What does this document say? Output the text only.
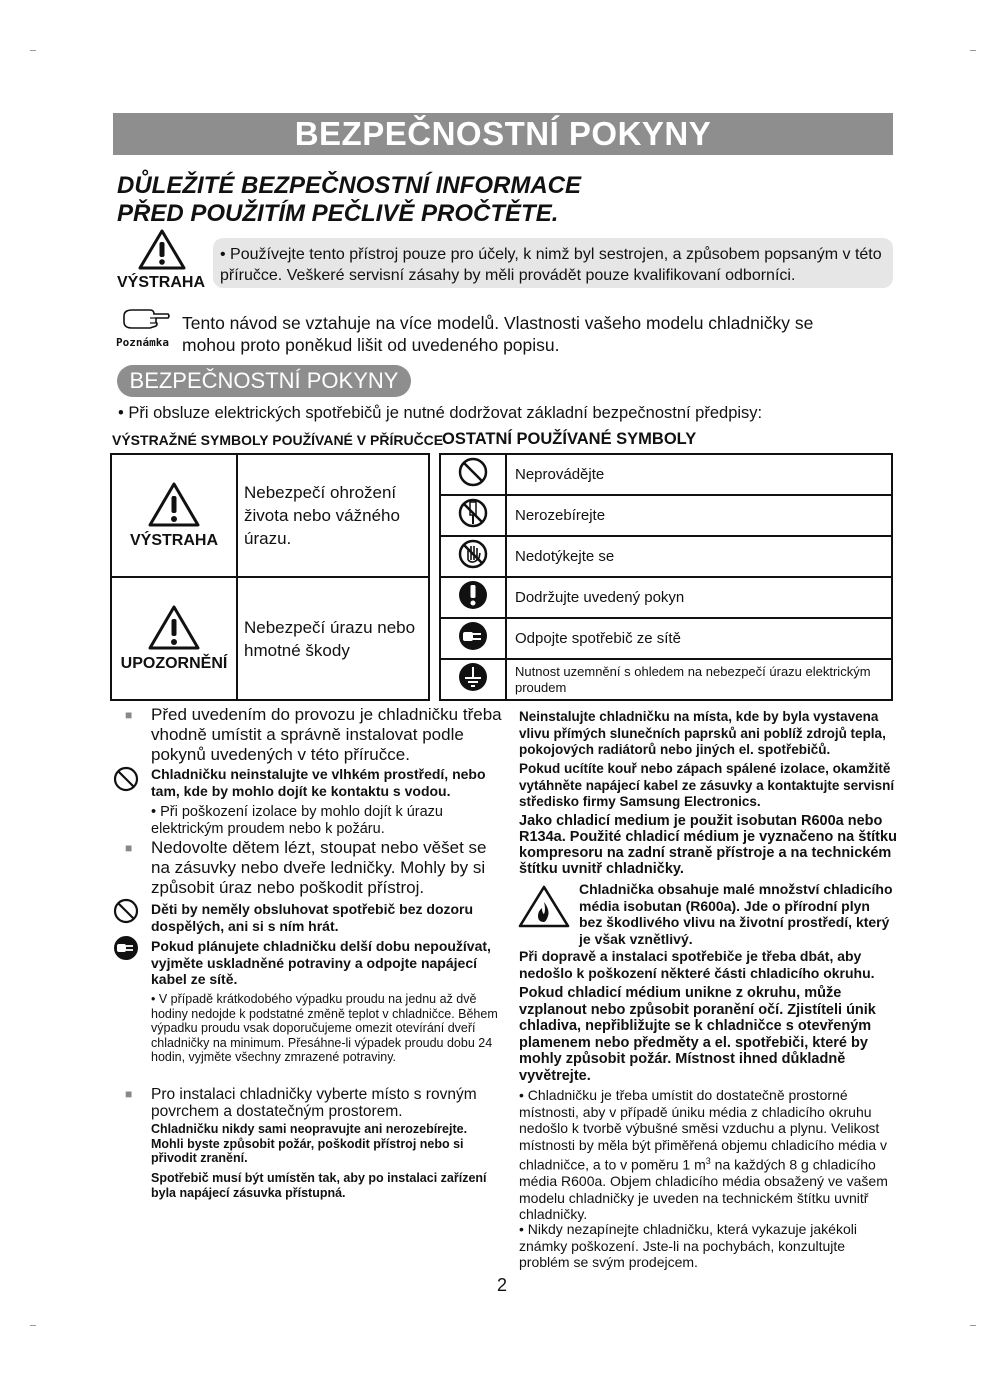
BEZPEČNOSTNÍ POKYNY
DŮLEŽITÉ BEZPEČNOSTNÍ INFORMACE
PŘED POUŽITÍM PEČLIVĚ PROČTĚTE.
VÝSTRAHA
• Používejte tento přístroj pouze pro účely, k nimž byl sestrojen, a způsobem popsaným v této příručce. Veškeré servisní zásahy by měli provádět pouze kvalifikovaní odborníci.
Poznámka
Tento návod se vztahuje na více modelů. Vlastnosti vašeho modelu chladničky se
mohou proto poněkud lišit od uvedeného popisu.
BEZPEČNOSTNÍ POKYNY
• Při obsluze elektrických spotřebičů je nutné dodržovat základní bezpečnostní předpisy:
VÝSTRAŽNÉ SYMBOLY POUŽÍVANÉ V PŘÍRUČCE
OSTATNÍ POUŽÍVANÉ SYMBOLY
VÝSTRAHA	Nebezpečí ohrožení života nebo vážného úrazu.

UPOZORNĚNÍ	Nebezpečí úrazu nebo hmotné škody
	Neprovádějte
	Nerozebírejte
	Nedotýkejte se
	Dodržujte uvedený pokyn
	Odpojte spotřebič ze sítě
	Nutnost uzemnění s ohledem na nebezpečí úrazu elektrickým proudem
■ Před uvedením do provozu je chladničku třeba vhodně umístit a správně instalovat podle pokynů uvedených v této příručce.
Chladničku neinstalujte ve vlhkém prostředí, nebo tam, kde by mohlo dojít ke kontaktu s vodou.
• Při poškození izolace by mohlo dojít k úrazu elektrickým proudem nebo k požáru.
■ Nedovolte dětem lézt, stoupat nebo věšet se na zásuvky nebo dveře ledničky. Mohly by si způsobit úraz nebo poškodit přístroj.
Děti by neměly obsluhovat spotřebič bez dozoru dospělých, ani si s ním hrát.
Pokud plánujete chladničku delší dobu nepoužívat, vyjměte uskladněné potraviny a odpojte napájecí kabel ze sítě.
• V případě krátkodobého výpadku proudu na jednu až dvě hodiny nedojde k podstatné změně teplot v chladničce. Během výpadku proudu vsak doporučujeme omezit otevírání dveří chladničky na minimum. Přesáhne-li výpadek proudu dobu 24 hodin, vyjměte všechny zmrazené potraviny.
■ Pro instalaci chladničky vyberte místo s rovným povrchem a dostatečným prostorem.
Chladničku nikdy sami neopravujte ani nerozebírejte. Mohli byste způsobit požár, poškodit přístroj nebo si přivodit zranění.
Spotřebič musí být umístěn tak, aby po instalaci zařízení byla napájecí zásuvka přístupná.
Neinstalujte chladničku na místa, kde by byla vystavena vlivu přímých slunečních paprsků ani poblíž zdrojů tepla, pokojových radiátorů nebo jiných el. spotřebičů.
Pokud ucítíte kouř nebo zápach spálené izolace, okamžitě vytáhněte napájecí kabel ze zásuvky a kontaktujte servisní středisko firmy Samsung Electronics.
Jako chladicí medium je použit isobutan R600a nebo R134a. Použité chladicí médium je vyznačeno na štítku kompresoru na zadní straně přístroje a na technickém štítku uvnitř chladničky.
Chladnička obsahuje malé množství chladicího média isobutan (R600a). Jde o přírodní plyn bez škodlivého vlivu na životní prostředí, který je však vznětlivý.
Při dopravě a instalaci spotřebiče je třeba dbát, aby nedošlo k poškození některé části chladicího okruhu.
Pokud chladicí médium unikne z okruhu, může vzplanout nebo způsobit poranění očí. Zjistíteli únik chladiva, nepřibližujte se k chladničce s otevřeným plamenem nebo předměty a el. spotřebiči, které by mohly způsobit požár. Místnost ihned důkladně vyvětrejte.
• Chladničku je třeba umístit do dostatečně prostorné místnosti, aby v případě úniku média z chladicího okruhu nedošlo k tvorbě výbušné směsi vzduchu a plynu. Velikost místnosti by měla být přiměřená objemu chladicího média v chladničce, a to v poměru 1 $m^3$ na každých 8 g chladicího média R600a. Objem chladicího média obsažený ve vašem modelu chladničky je uveden na technickém štítku uvnitř chladničky.
• Nikdy nezapínejte chladničku, která vykazuje jakékoli známky poškození. Jste-li na pochybách, konzultujte problém se svým prodejcem.
2
